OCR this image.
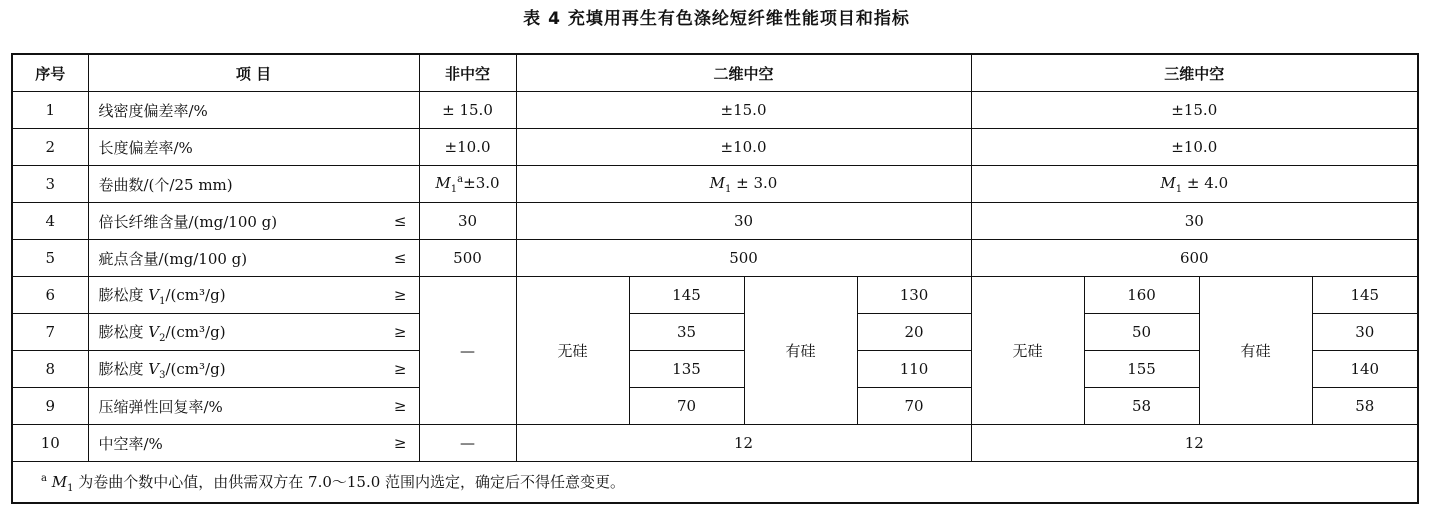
表 4 充填用再生有色涤纶短纤维性能项目和指标
序号	项 目	非中空	二维中空				三维中空			
1	线密度偏差率/%	± 15.0	±15.0				±15.0			
2	长度偏差率/%	±10.0	±10.0				±10.0			
3	卷曲数/(个/25 mm)	$M_1^a\pm 3.0$	$M_1 \pm 3.0$				$M_1 \pm 4.0$			
4	倍长纤维含量/(mg/100 g) ≤	30	30				30			
5	疵点含量/(mg/100 g) ≤	500	500				600			
6	膨松度 $V_1/(cm^3/g)$ ≥	—	无硅	145	有硅	130	无硅	160	有硅	145
7	膨松度 $V_2/(cm^3/g)$ ≥			35		20		50		30
8	膨松度 $V_3/(cm^3/g)$ ≥			135		110		155		140
9	压缩弹性回复率/% ≥			70		70		58		58
10	中空率/% ≥	—	12				12			
$^a$ $M_1$ 为卷曲个数中心值，由供需双方在 7.0～15.0 范围内选定，确定后不得任意变更。										
